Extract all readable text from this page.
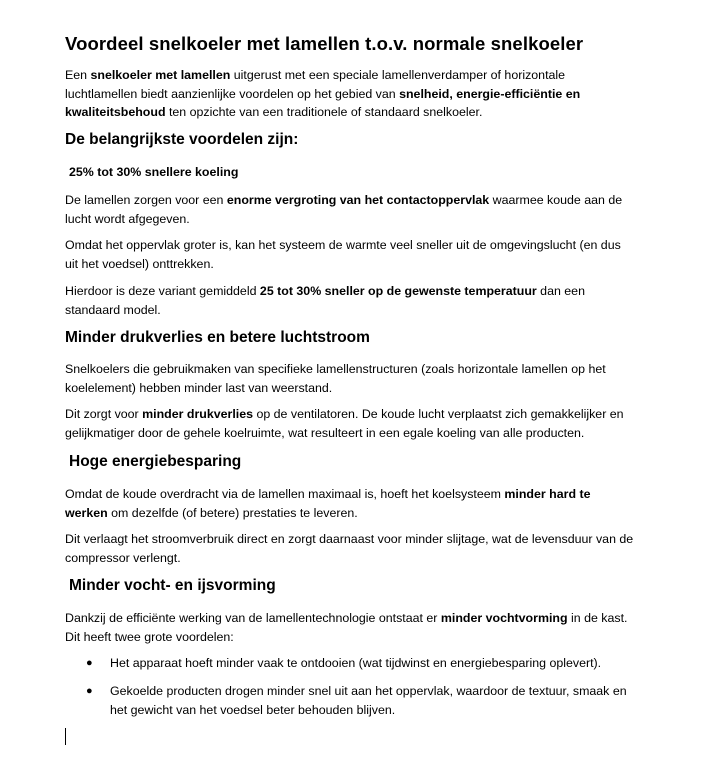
Voordeel snelkoeler met lamellen t.o.v. normale snelkoeler

Een snelkoeler met lamellen uitgerust met een speciale lamellenverdamper of horizontale luchtlamellen biedt aanzienlijke voordelen op het gebied van snelheid, energie-efficiëntie en kwaliteitsbehoud ten opzichte van een traditionele of standaard snelkoeler.

De belangrijkste voordelen zijn:

25% tot 30% snellere koeling

De lamellen zorgen voor een enorme vergroting van het contactoppervlak waarmee koude aan de lucht wordt afgegeven.

Omdat het oppervlak groter is, kan het systeem de warmte veel sneller uit de omgevingslucht (en dus uit het voedsel) onttrekken.

Hierdoor is deze variant gemiddeld 25 tot 30% sneller op de gewenste temperatuur dan een standaard model.

Minder drukverlies en betere luchtstroom

Snelkoelers die gebruikmaken van specifieke lamellenstructuren (zoals horizontale lamellen op het koelelement) hebben minder last van weerstand.

Dit zorgt voor minder drukverlies op de ventilatoren. De koude lucht verplaatst zich gemakkelijker en gelijkmatiger door de gehele koelruimte, wat resulteert in een egale koeling van alle producten.

Hoge energiebesparing

Omdat de koude overdracht via de lamellen maximaal is, hoeft het koelsysteem minder hard te werken om dezelfde (of betere) prestaties te leveren.

Dit verlaagt het stroomverbruik direct en zorgt daarnaast voor minder slijtage, wat de levensduur van de compressor verlengt.

Minder vocht- en ijsvorming

Dankzij de efficiënte werking van de lamellentechnologie ontstaat er minder vochtvorming in de kast. Dit heeft twee grote voordelen:

● Het apparaat hoeft minder vaak te ontdooien (wat tijdwinst en energiebesparing oplevert).
● Gekoelde producten drogen minder snel uit aan het oppervlak, waardoor de textuur, smaak en het gewicht van het voedsel beter behouden blijven.
